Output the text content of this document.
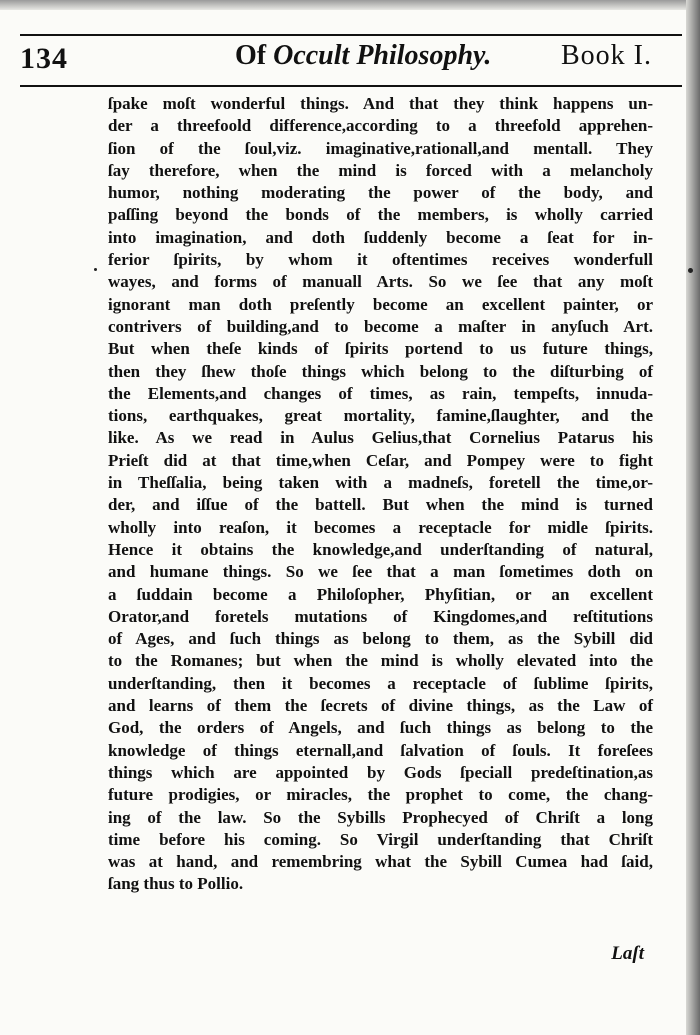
134	Of Occult Philosophy. Book I.
ſpake moſt wonderful things. And that they think happens un-
der a threefoold difference,according to a threefold apprehen-
ſion of the ſoul,viz. imaginative,rationall,and mentall. They
ſay therefore, when the mind is forced with a melancholy
humor, nothing moderating the power of the body, and
paſſing beyond the bonds of the members, is wholly carried
into imagination, and doth ſuddenly become a ſeat for in-
ferior ſpirits, by whom it oftentimes receives wonderfull
wayes, and forms of manuall Arts. So we ſee that any moſt
ignorant man doth preſently become an excellent painter, or
contrivers of building,and to become a maſter in anyſuch Art.
But when theſe kinds of ſpirits portend to us future things,
then they ſhew thoſe things which belong to the diſturbing of
the Elements,and changes of times, as rain, tempeſts, innuda-
tions, earthquakes, great mortality, famine,ſlaughter, and the
like. As we read in Aulus Gelius,that Cornelius Patarus his
Prieſt did at that time,when Ceſar, and Pompey were to fight
in Theſſalia, being taken with a madneſs, foretell the time,or-
der, and iſſue of the battell. But when the mind is turned
wholly into reaſon, it becomes a receptacle for midle ſpirits.
Hence it obtains the knowledge,and underſtanding of natural,
and humane things. So we ſee that a man ſometimes doth on
a ſuddain become a Philoſopher, Phyſitian, or an excellent
Orator,and foretels mutations of Kingdomes,and reſtitutions
of Ages, and ſuch things as belong to them, as the Sybill did
to the Romanes; but when the mind is wholly elevated into the
underſtanding, then it becomes a receptacle of ſublime ſpirits,
and learns of them the ſecrets of divine things, as the Law of
God, the orders of Angels, and ſuch things as belong to the
knowledge of things eternall,and ſalvation of ſouls. It foreſees
things which are appointed by Gods ſpeciall predeſtination,as
future prodigies, or miracles, the prophet to come, the chang-
ing of the law. So the Sybills Prophecyed of Chriſt a long
time before his coming. So Virgil underſtanding that Chriſt
was at hand, and remembring what the Sybill Cumea had ſaid,
ſang thus to Pollio.
Laſt
